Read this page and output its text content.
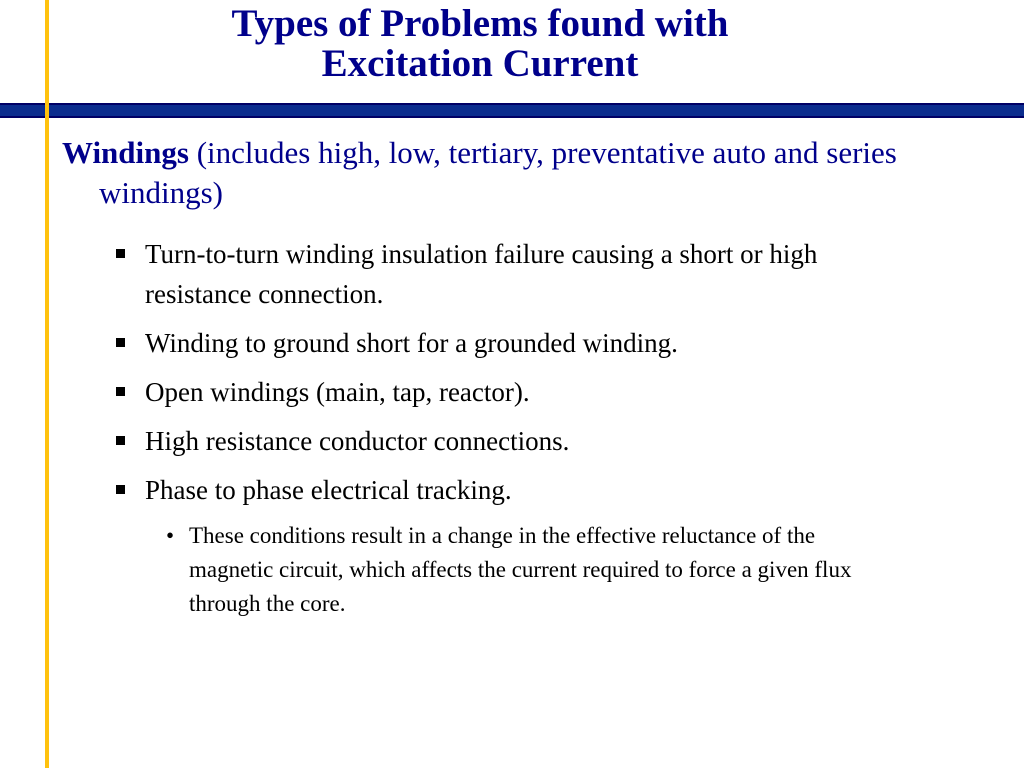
Types of Problems found with
Excitation Current

Windings (includes high, low, tertiary, preventative auto and series windings)

Turn-to-turn winding insulation failure causing a short or high resistance connection.
Winding to ground short for a grounded winding.
Open windings (main, tap, reactor).
High resistance conductor connections.
Phase to phase electrical tracking.
• These conditions result in a change in the effective reluctance of the magnetic circuit, which affects the current required to force a given flux through the core.
